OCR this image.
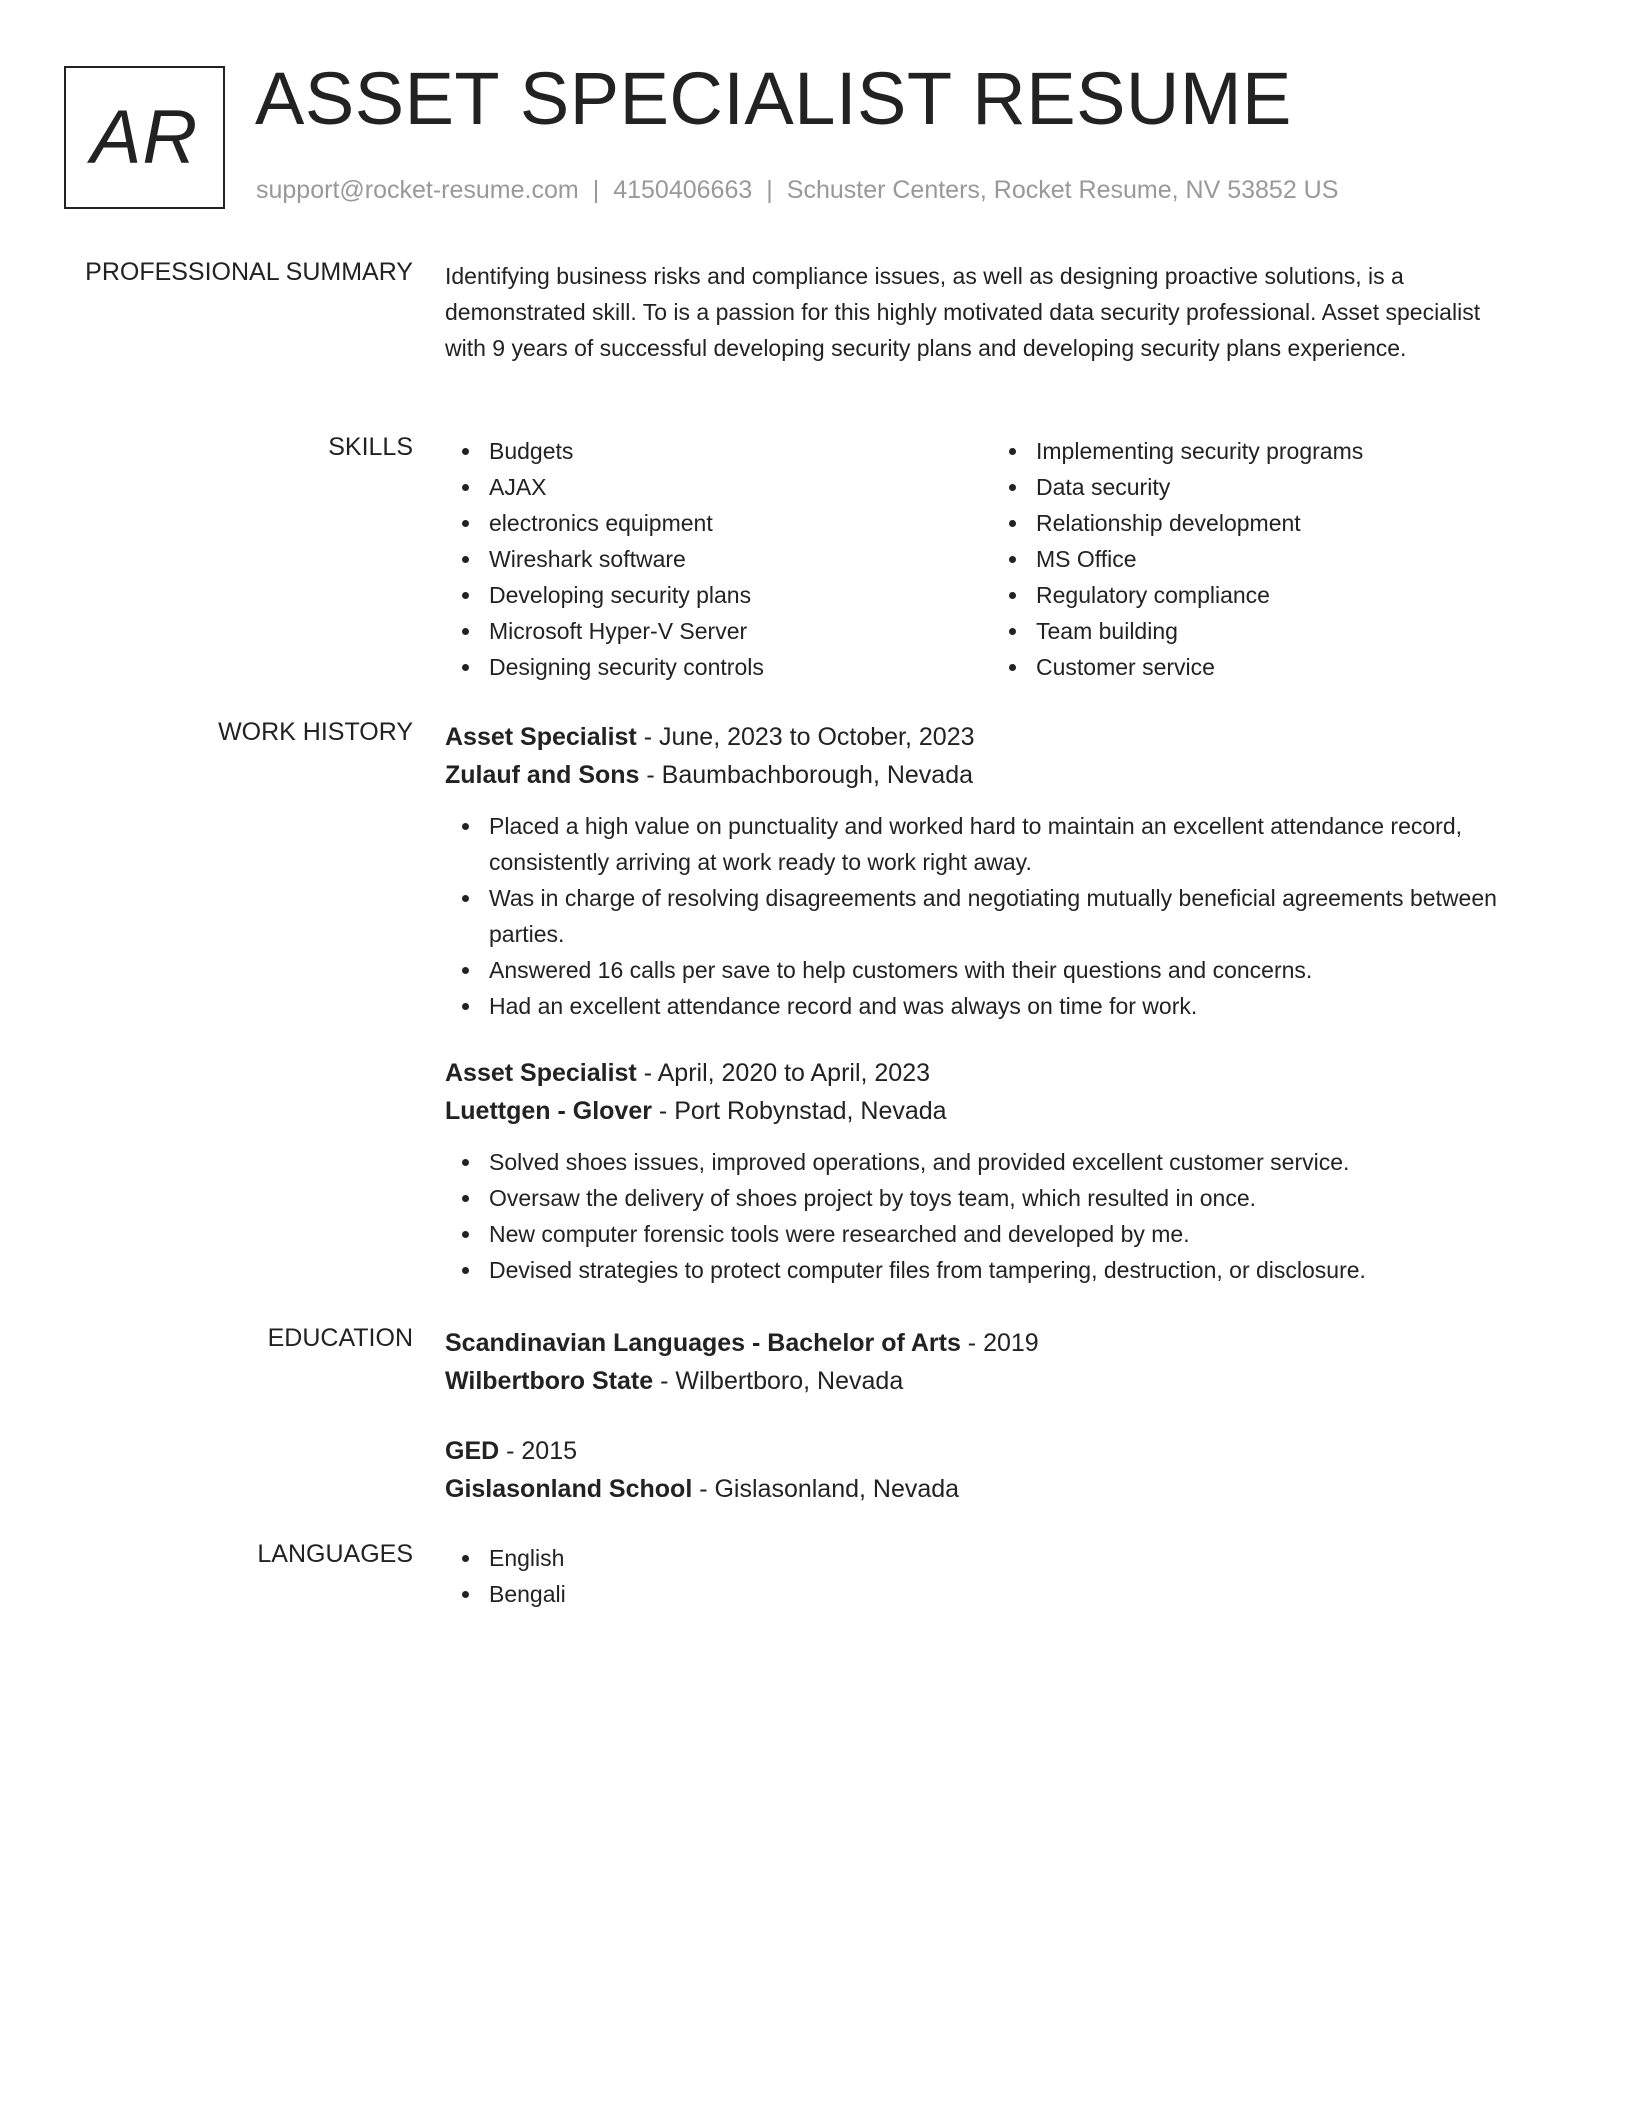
AR ASSET SPECIALIST RESUME
support@rocket-resume.com | 4150406663 | Schuster Centers, Rocket Resume, NV 53852 US
PROFESSIONAL SUMMARY Identifying business risks and compliance issues, as well as designing proactive solutions, is a demonstrated skill. To is a passion for this highly motivated data security professional. Asset specialist with 9 years of successful developing security plans and developing security plans experience.
SKILLS	Budgets
AJAX
electronics equipment
Wireshark software
Developing security plans
Microsoft Hyper-V Server
Designing security controls
Implementing security programs
Data security
Relationship development
MS Office
Regulatory compliance
Team building
Customer service
WORK HISTORY Asset Specialist - June, 2023 to October, 2023
Zulauf and Sons - Baumbachborough, Nevada
Placed a high value on punctuality and worked hard to maintain an excellent attendance record, consistently arriving at work ready to work right away.
Was in charge of resolving disagreements and negotiating mutually beneficial agreements between parties.
Answered 16 calls per save to help customers with their questions and concerns.
Had an excellent attendance record and was always on time for work.
Asset Specialist - April, 2020 to April, 2023
Luettgen - Glover - Port Robynstad, Nevada
Solved shoes issues, improved operations, and provided excellent customer service.
Oversaw the delivery of shoes project by toys team, which resulted in once.
New computer forensic tools were researched and developed by me.
Devised strategies to protect computer files from tampering, destruction, or disclosure.
EDUCATION Scandinavian Languages - Bachelor of Arts - 2019
Wilbertboro State - Wilbertboro, Nevada
GED - 2015
Gislasonland School - Gislasonland, Nevada
LANGUAGES	English
Bengali
